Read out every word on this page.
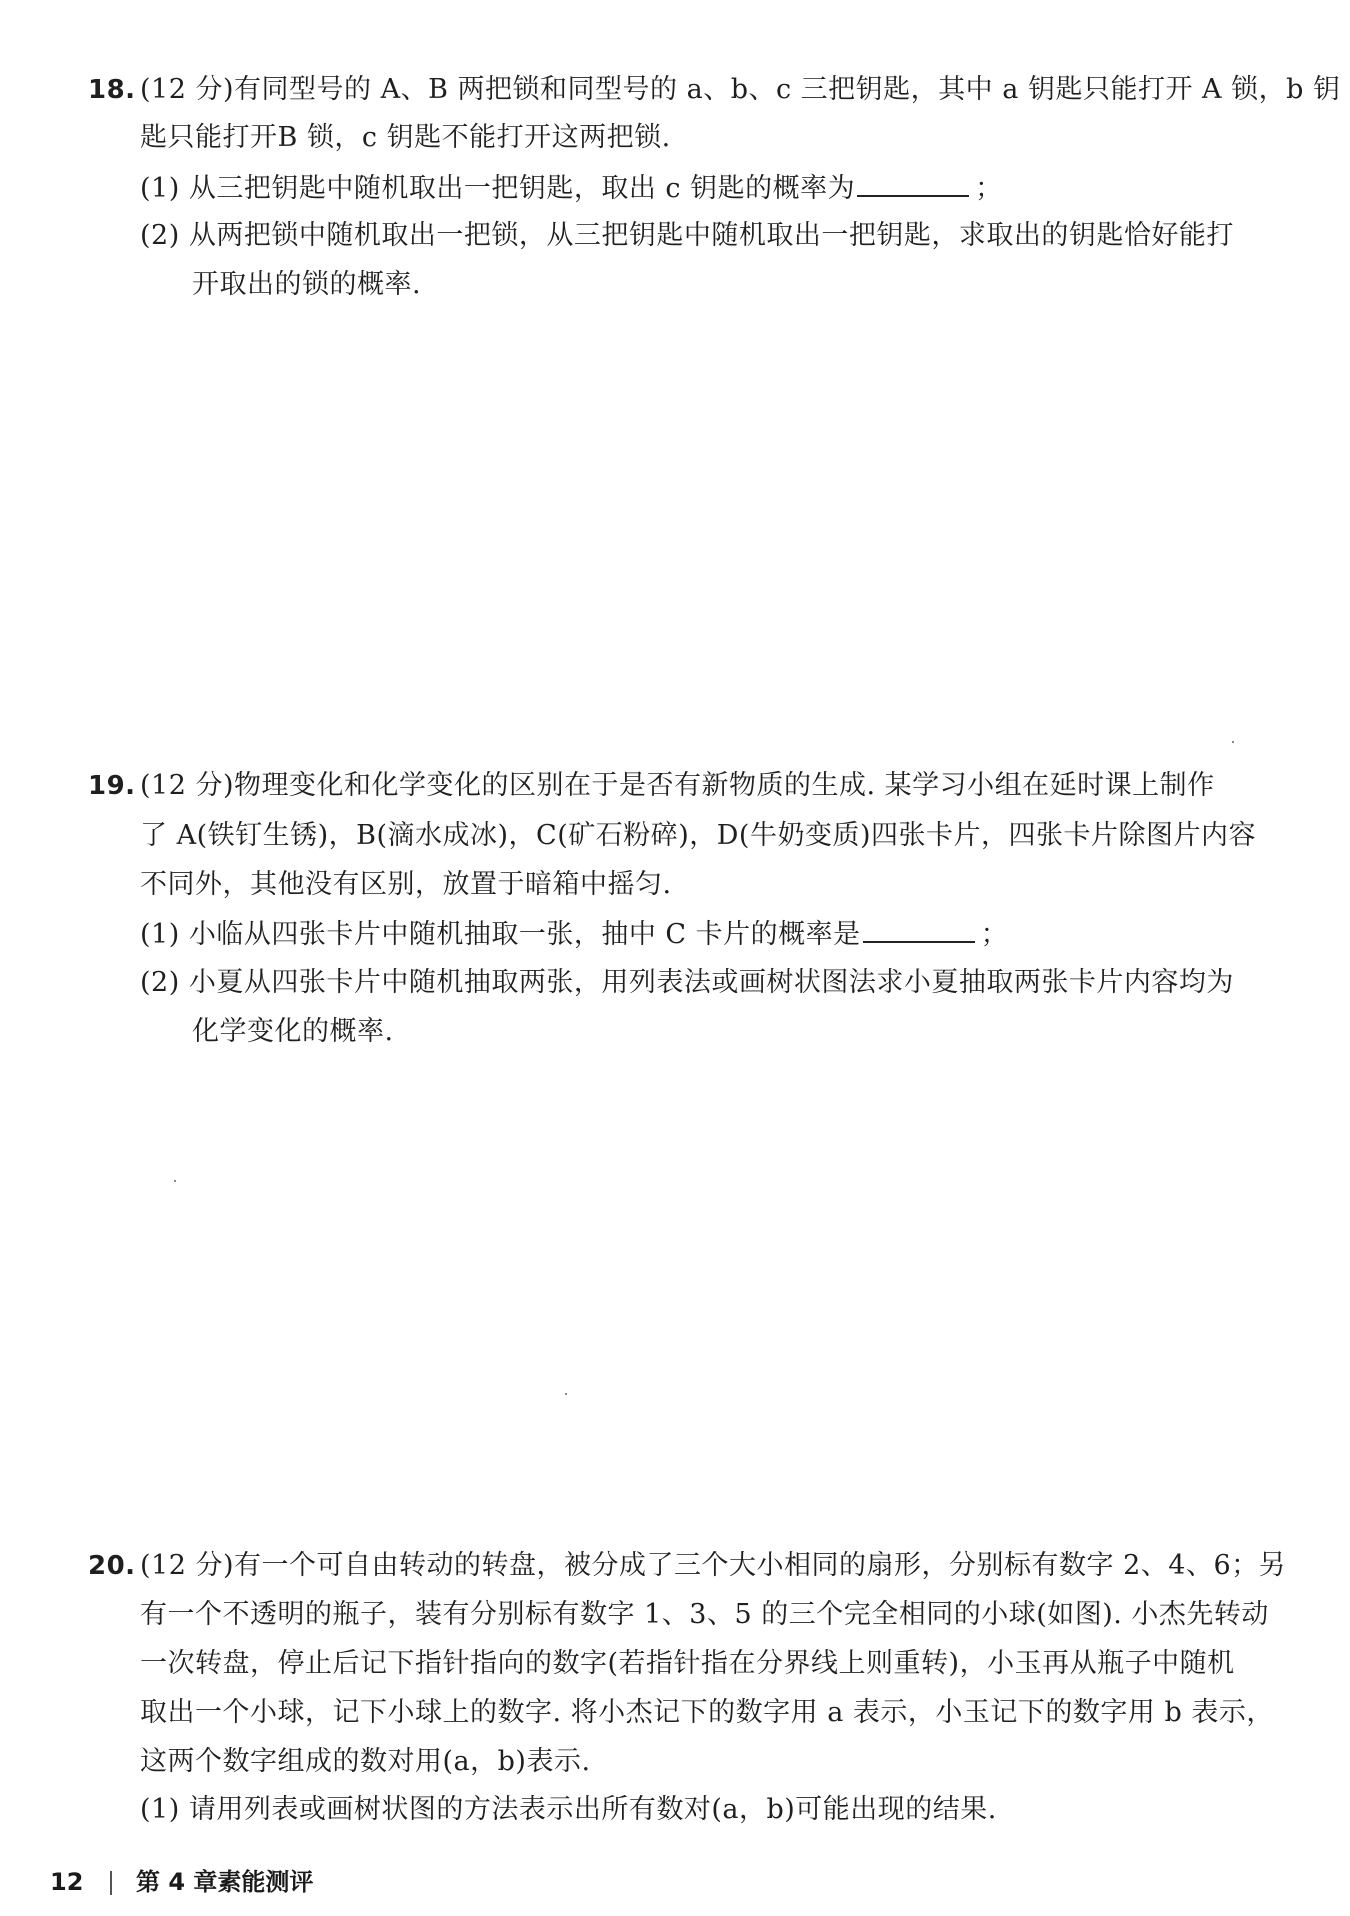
18. (12 分)有同型号的 A、B 两把锁和同型号的 a、b、c 三把钥匙，其中 a 钥匙只能打开 A 锁，b 钥
匙只能打开B 锁，c 钥匙不能打开这两把锁.
(1) 从三把钥匙中随机取出一把钥匙，取出 c 钥匙的概率为	；
(2) 从两把锁中随机取出一把锁，从三把钥匙中随机取出一把钥匙，求取出的钥匙恰好能打
开取出的锁的概率.
19. (12 分)物理变化和化学变化的区别在于是否有新物质的生成. 某学习小组在延时课上制作
了 A(铁钉生锈)，B(滴水成冰)，C(矿石粉碎)，D(牛奶变质)四张卡片，四张卡片除图片内容
不同外，其他没有区别，放置于暗箱中摇匀.
(1) 小临从四张卡片中随机抽取一张，抽中 C 卡片的概率是	；
(2) 小夏从四张卡片中随机抽取两张，用列表法或画树状图法求小夏抽取两张卡片内容均为
化学变化的概率.
20. (12 分)有一个可自由转动的转盘，被分成了三个大小相同的扇形，分别标有数字 2、4、6；另
有一个不透明的瓶子，装有分别标有数字 1、3、5 的三个完全相同的小球(如图). 小杰先转动
一次转盘，停止后记下指针指向的数字(若指针指在分界线上则重转)，小玉再从瓶子中随机
取出一个小球，记下小球上的数字. 将小杰记下的数字用 a 表示，小玉记下的数字用 b 表示，
这两个数字组成的数对用(a，b)表示.
(1) 请用列表或画树状图的方法表示出所有数对(a，b)可能出现的结果.
12 第 4 章素能测评
